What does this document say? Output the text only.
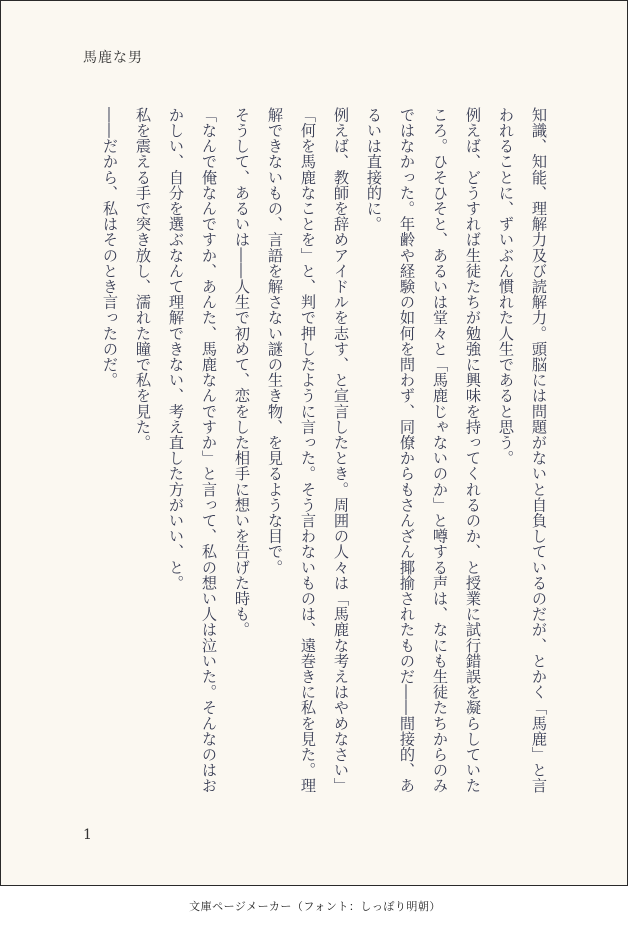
馬鹿な男

知識、知能、理解力及び読解力。頭脳には問題がないと自負しているのだが、とかく「馬鹿」と言われることに、ずいぶん慣れた人生であると思う。

例えば、どうすれば生徒たちが勉強に興味を持ってくれるのか、と授業に試行錯誤を凝らしていたころ。ひそひそと、あるいは堂々と「馬鹿じゃないのか」と噂する声は、なにも生徒たちからのみではなかった。年齢や経験の如何を問わず、同僚からもさんざん揶揄されたものだ――間接的、あるいは直接的に。

例えば、教師を辞めアイドルを志す、と宣言したとき。周囲の人々は「馬鹿な考えはやめなさい」「何を馬鹿なことを」と、判で押したように言った。そう言わないものは、遠巻きに私を見た。理解できないもの、言語を解さない謎の生き物、を見るような目で。

そうして、あるいは――人生で初めて、恋をした相手に想いを告げた時も。

「なんで俺なんですか、あんた、馬鹿なんですか」と言って、私の想い人は泣いた。そんなのはおかしい、自分を選ぶなんて理解できない、考え直した方がいい、と。

私を震える手で突き放し、濡れた瞳で私を見た。

――だから、私はそのとき言ったのだ。

1
文庫ページメーカー（フォント：しっぽり明朝）
